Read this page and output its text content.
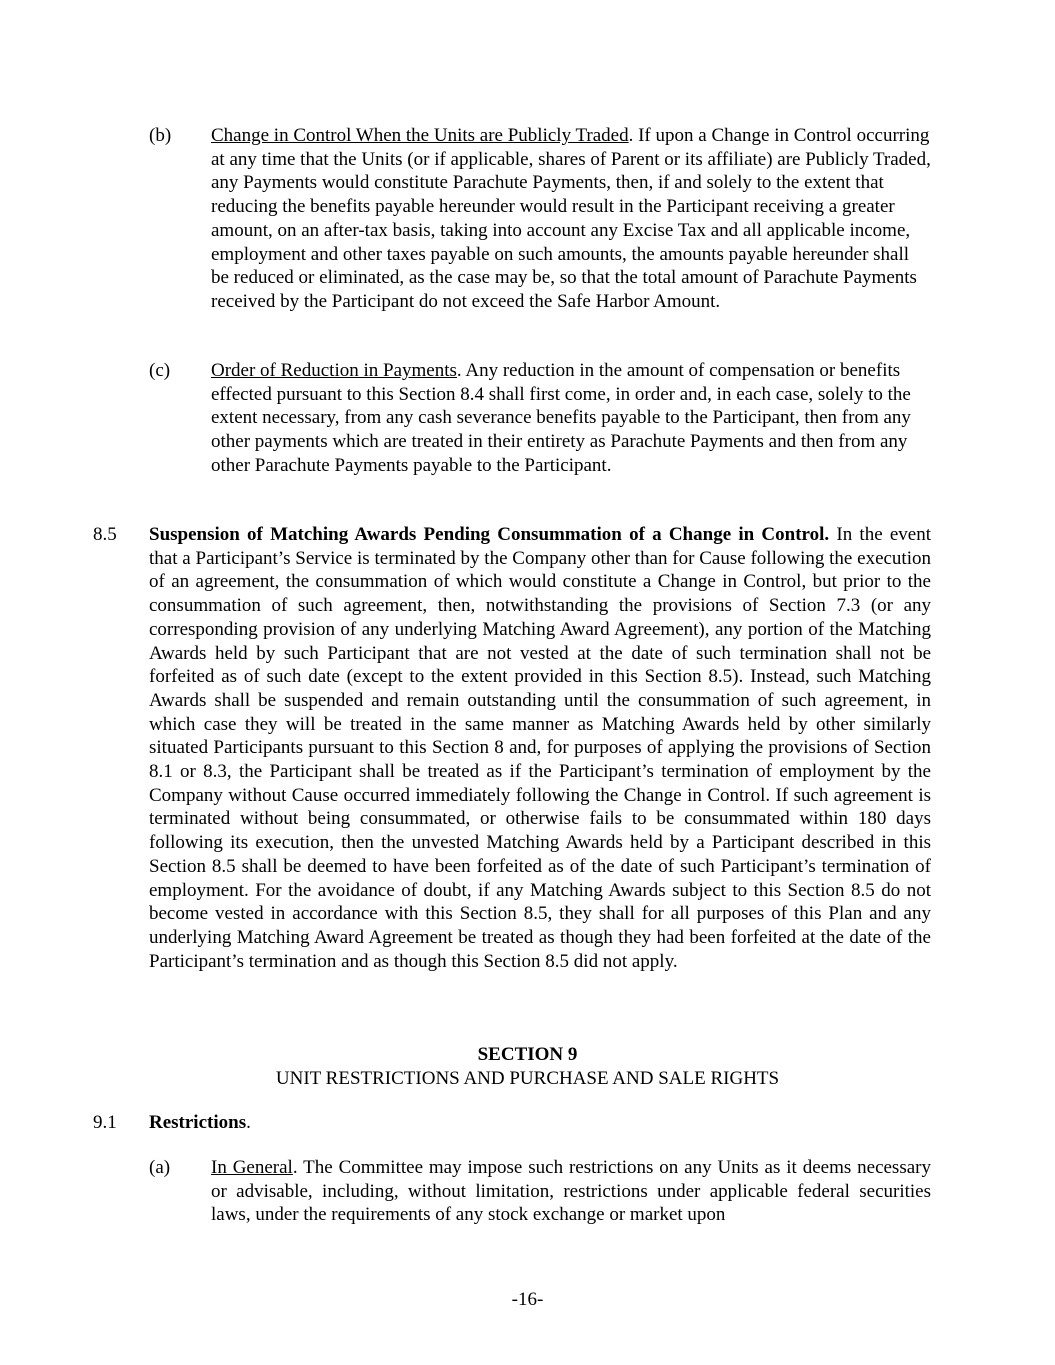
(b) Change in Control When the Units are Publicly Traded. If upon a Change in Control occurring at any time that the Units (or if applicable, shares of Parent or its affiliate) are Publicly Traded, any Payments would constitute Parachute Payments, then, if and solely to the extent that reducing the benefits payable hereunder would result in the Participant receiving a greater amount, on an after-tax basis, taking into account any Excise Tax and all applicable income, employment and other taxes payable on such amounts, the amounts payable hereunder shall be reduced or eliminated, as the case may be, so that the total amount of Parachute Payments received by the Participant do not exceed the Safe Harbor Amount.
(c) Order of Reduction in Payments. Any reduction in the amount of compensation or benefits effected pursuant to this Section 8.4 shall first come, in order and, in each case, solely to the extent necessary, from any cash severance benefits payable to the Participant, then from any other payments which are treated in their entirety as Parachute Payments and then from any other Parachute Payments payable to the Participant.
8.5 Suspension of Matching Awards Pending Consummation of a Change in Control. In the event that a Participant’s Service is terminated by the Company other than for Cause following the execution of an agreement, the consummation of which would constitute a Change in Control, but prior to the consummation of such agreement, then, notwithstanding the provisions of Section 7.3 (or any corresponding provision of any underlying Matching Award Agreement), any portion of the Matching Awards held by such Participant that are not vested at the date of such termination shall not be forfeited as of such date (except to the extent provided in this Section 8.5). Instead, such Matching Awards shall be suspended and remain outstanding until the consummation of such agreement, in which case they will be treated in the same manner as Matching Awards held by other similarly situated Participants pursuant to this Section 8 and, for purposes of applying the provisions of Section 8.1 or 8.3, the Participant shall be treated as if the Participant’s termination of employment by the Company without Cause occurred immediately following the Change in Control. If such agreement is terminated without being consummated, or otherwise fails to be consummated within 180 days following its execution, then the unvested Matching Awards held by a Participant described in this Section 8.5 shall be deemed to have been forfeited as of the date of such Participant’s termination of employment. For the avoidance of doubt, if any Matching Awards subject to this Section 8.5 do not become vested in accordance with this Section 8.5, they shall for all purposes of this Plan and any underlying Matching Award Agreement be treated as though they had been forfeited at the date of the Participant’s termination and as though this Section 8.5 did not apply.
SECTION 9
UNIT RESTRICTIONS AND PURCHASE AND SALE RIGHTS
9.1 Restrictions.
(a) In General. The Committee may impose such restrictions on any Units as it deems necessary or advisable, including, without limitation, restrictions under applicable federal securities laws, under the requirements of any stock exchange or market upon
-16-
